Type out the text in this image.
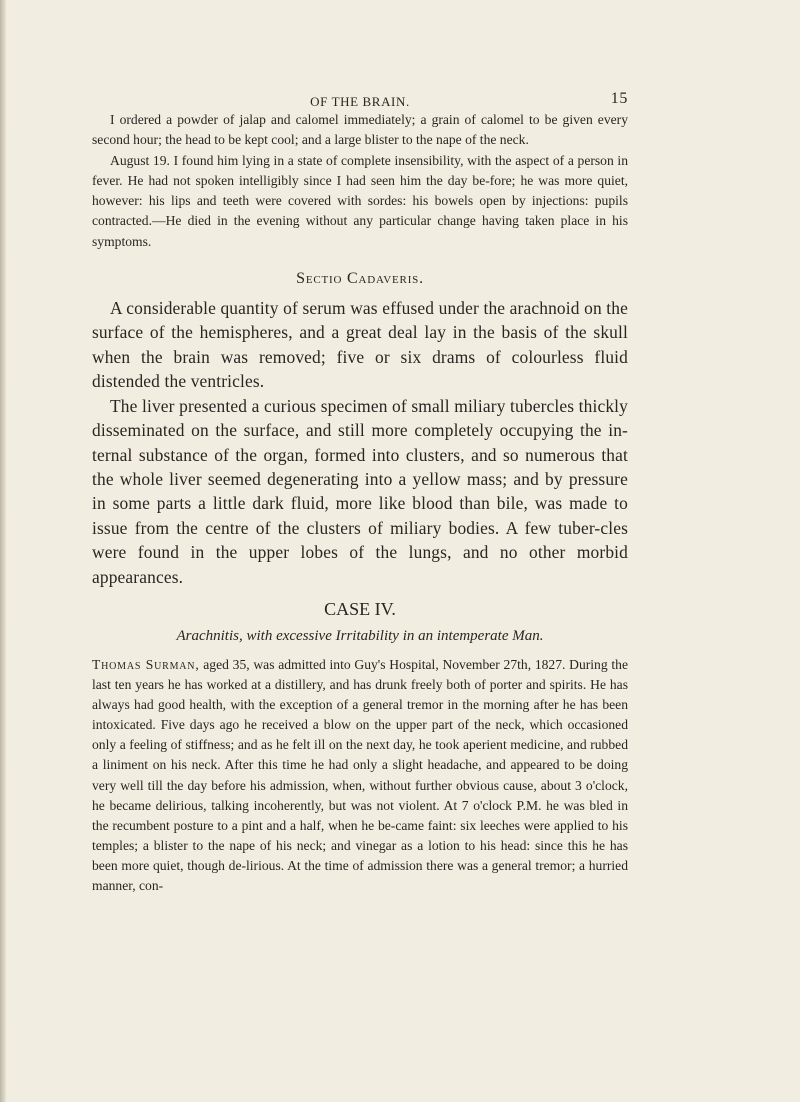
OF THE BRAIN.	15

I ordered a powder of jalap and calomel immediately; a grain of calomel to be given every second hour; the head to be kept cool; and a large blister to the nape of the neck.

August 19. I found him lying in a state of complete insensibility, with the aspect of a person in fever. He had not spoken intelligibly since I had seen him the day be-fore; he was more quiet, however: his lips and teeth were covered with sordes: his bowels open by injections: pupils contracted.—He died in the evening without any particular change having taken place in his symptoms.

Sectio Cadaveris.

A considerable quantity of serum was effused under the arachnoid on the surface of the hemispheres, and a great deal lay in the basis of the skull when the brain was removed; five or six drams of colourless fluid distended the ventricles.

The liver presented a curious specimen of small miliary tubercles thickly disseminated on the surface, and still more completely occupying the in-ternal substance of the organ, formed into clusters, and so numerous that the whole liver seemed degenerating into a yellow mass; and by pressure in some parts a little dark fluid, more like blood than bile, was made to issue from the centre of the clusters of miliary bodies. A few tuber-cles were found in the upper lobes of the lungs, and no other morbid appearances.

CASE IV.
Arachnitis, with excessive Irritability in an intemperate Man.

Thomas Surman, aged 35, was admitted into Guy's Hospital, November 27th, 1827. During the last ten years he has worked at a distillery, and has drunk freely both of porter and spirits. He has always had good health, with the exception of a general tremor in the morning after he has been intoxicated. Five days ago he received a blow on the upper part of the neck, which occasioned only a feeling of stiffness; and as he felt ill on the next day, he took aperient medicine, and rubbed a liniment on his neck. After this time he had only a slight headache, and appeared to be doing very well till the day before his admission, when, without further obvious cause, about 3 o'clock, he became delirious, talking incoherently, but was not violent. At 7 o'clock P.M. he was bled in the recumbent posture to a pint and a half, when he be-came faint: six leeches were applied to his temples; a blister to the nape of his neck; and vinegar as a lotion to his head: since this he has been more quiet, though de-lirious. At the time of admission there was a general tremor; a hurried manner, con-
